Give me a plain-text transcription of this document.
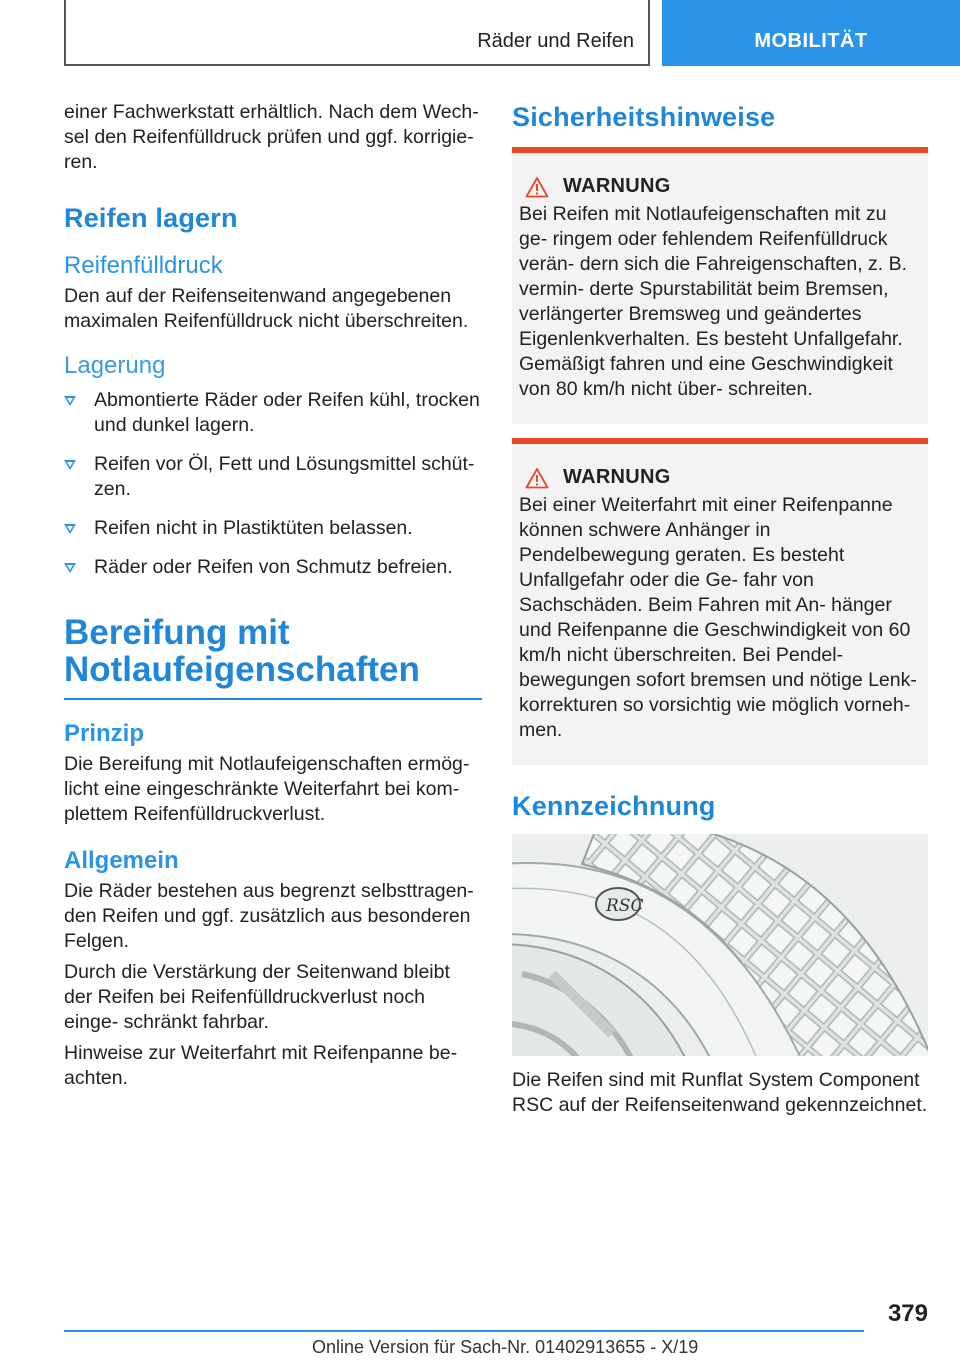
Räder und Reifen	MOBILITÄT

einer Fachwerkstatt erhältlich. Nach dem Wech- sel den Reifenfülldruck prüfen und ggf. korrigie- ren.

Reifen lagern
Reifenfülldruck

Den auf der Reifenseitenwand angegebenen maximalen Reifenfülldruck nicht überschreiten.

Lagerung
Abmontierte Räder oder Reifen kühl, trocken und dunkel lagern.
Reifen vor Öl, Fett und Lösungsmittel schüt- zen.
Reifen nicht in Plastiktüten belassen.
Räder oder Reifen von Schmutz befreien.
Bereifung mit Notlaufeigenschaften
Prinzip

Die Bereifung mit Notlaufeigenschaften ermög- licht eine eingeschränkte Weiterfahrt bei kom- plettem Reifenfülldruckverlust.

Allgemein

Die Räder bestehen aus begrenzt selbsttragen- den Reifen und ggf. zusätzlich aus besonderen Felgen.

Durch die Verstärkung der Seitenwand bleibt der Reifen bei Reifenfülldruckverlust noch einge- schränkt fahrbar.

Hinweise zur Weiterfahrt mit Reifenpanne be- achten.

Sicherheitshinweise
WARNUNG

Bei Reifen mit Notlaufeigenschaften mit zu ge- ringem oder fehlendem Reifenfülldruck verän- dern sich die Fahreigenschaften, z. B. vermin- derte Spurstabilität beim Bremsen, verlängerter Bremsweg und geändertes Eigenlenkverhalten. Es besteht Unfallgefahr. Gemäßigt fahren und eine Geschwindigkeit von 80 km/h nicht über- schreiten.

WARNUNG

Bei einer Weiterfahrt mit einer Reifenpanne können schwere Anhänger in Pendelbewegung geraten. Es besteht Unfallgefahr oder die Ge- fahr von Sachschäden. Beim Fahren mit An- hänger und Reifenpanne die Geschwindigkeit von 60 km/h nicht überschreiten. Bei Pendel- bewegungen sofort bremsen und nötige Lenk- korrekturen so vorsichtig wie möglich vorneh- men.

Kennzeichnung
RSC

Die Reifen sind mit Runflat System Component RSC auf der Reifenseitenwand gekennzeichnet.

379
Online Version für Sach-Nr. 01402913655 - X/19
